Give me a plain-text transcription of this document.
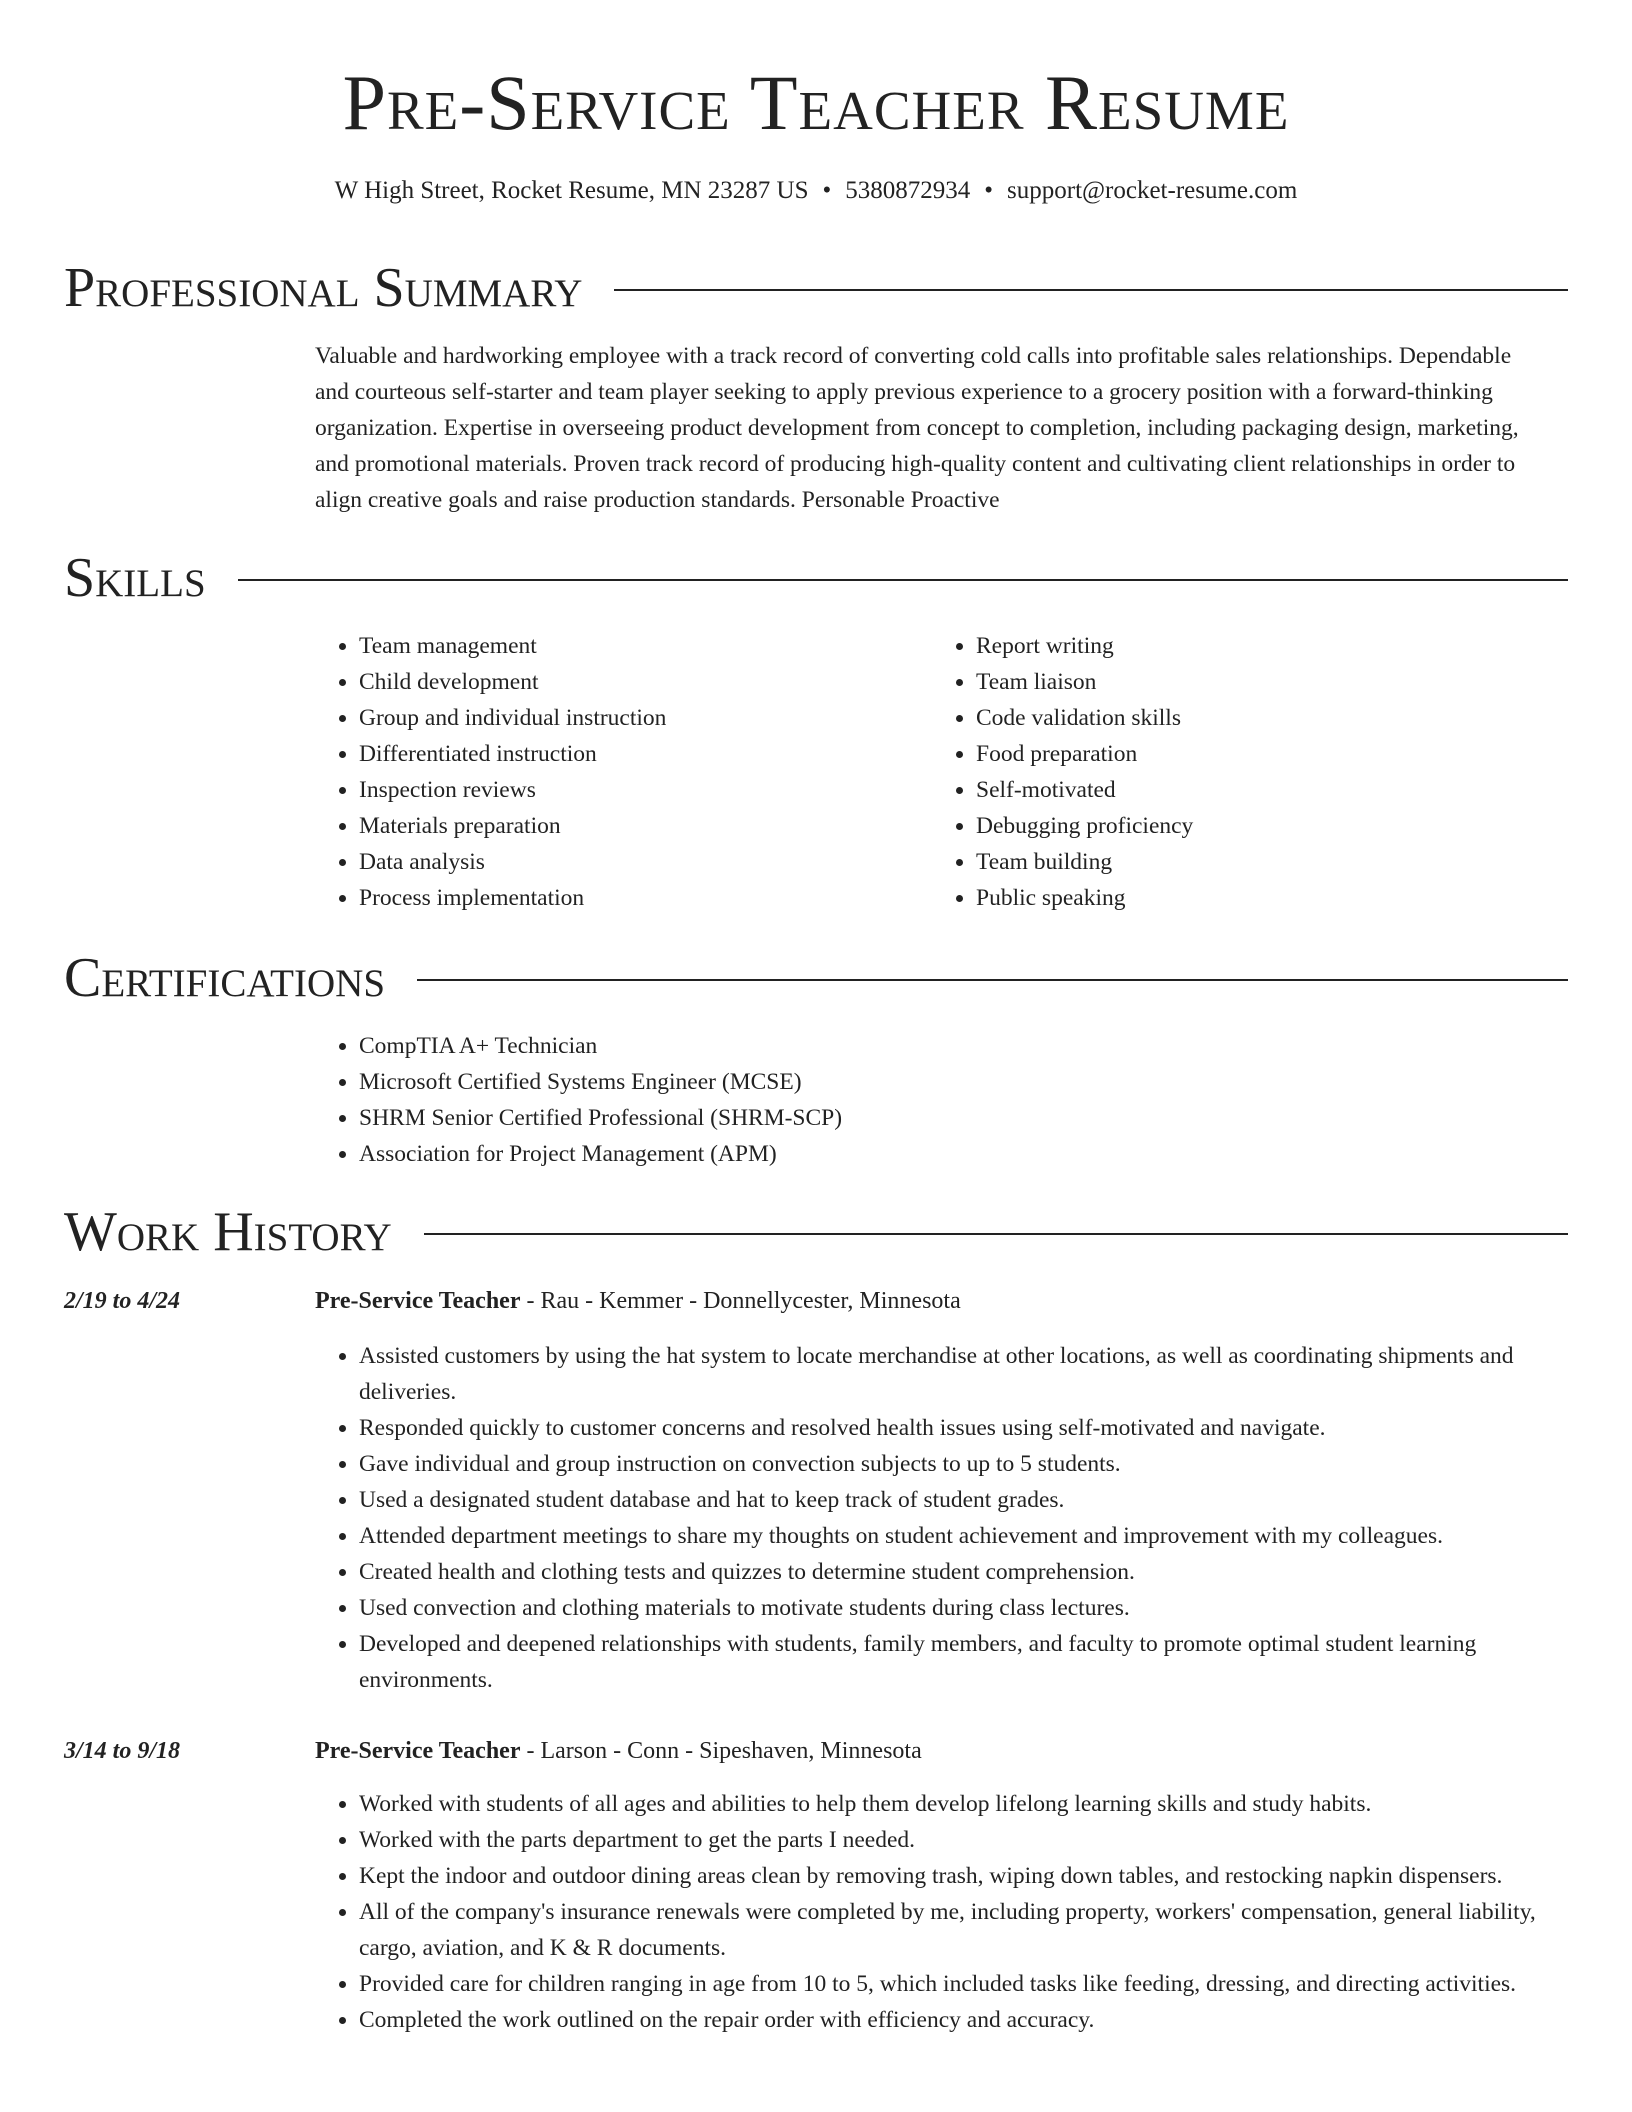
Pre-Service Teacher Resume
W High Street, Rocket Resume, MN 23287 US • 5380872934 • support@rocket-resume.com
Professional Summary

Valuable and hardworking employee with a track record of converting cold calls into profitable sales relationships. Dependable and courteous self-starter and team player seeking to apply previous experience to a grocery position with a forward-thinking organization. Expertise in overseeing product development from concept to completion, including packaging design, marketing, and promotional materials. Proven track record of producing high-quality content and cultivating client relationships in order to align creative goals and raise production standards. Personable Proactive

Skills
• Team management
• Child development
• Group and individual instruction
• Differentiated instruction
• Inspection reviews
• Materials preparation
• Data analysis
• Process implementation
• Report writing
• Team liaison
• Code validation skills
• Food preparation
• Self-motivated
• Debugging proficiency
• Team building
• Public speaking
Certifications
• CompTIA A+ Technician
• Microsoft Certified Systems Engineer (MCSE)
• SHRM Senior Certified Professional (SHRM-SCP)
• Association for Project Management (APM)
Work History
2/19 to 4/24	Pre-Service Teacher - Rau - Kemmer - Donnellycester, Minnesota
• Assisted customers by using the hat system to locate merchandise at other locations, as well as coordinating shipments and deliveries.
• Responded quickly to customer concerns and resolved health issues using self-motivated and navigate.
• Gave individual and group instruction on convection subjects to up to 5 students.
• Used a designated student database and hat to keep track of student grades.
• Attended department meetings to share my thoughts on student achievement and improvement with my colleagues.
• Created health and clothing tests and quizzes to determine student comprehension.
• Used convection and clothing materials to motivate students during class lectures.
• Developed and deepened relationships with students, family members, and faculty to promote optimal student learning environments.
3/14 to 9/18	Pre-Service Teacher - Larson - Conn - Sipeshaven, Minnesota
• Worked with students of all ages and abilities to help them develop lifelong learning skills and study habits.
• Worked with the parts department to get the parts I needed.
• Kept the indoor and outdoor dining areas clean by removing trash, wiping down tables, and restocking napkin dispensers.
• All of the company's insurance renewals were completed by me, including property, workers' compensation, general liability, cargo, aviation, and K & R documents.
• Provided care for children ranging in age from 10 to 5, which included tasks like feeding, dressing, and directing activities.
• Completed the work outlined on the repair order with efficiency and accuracy.
